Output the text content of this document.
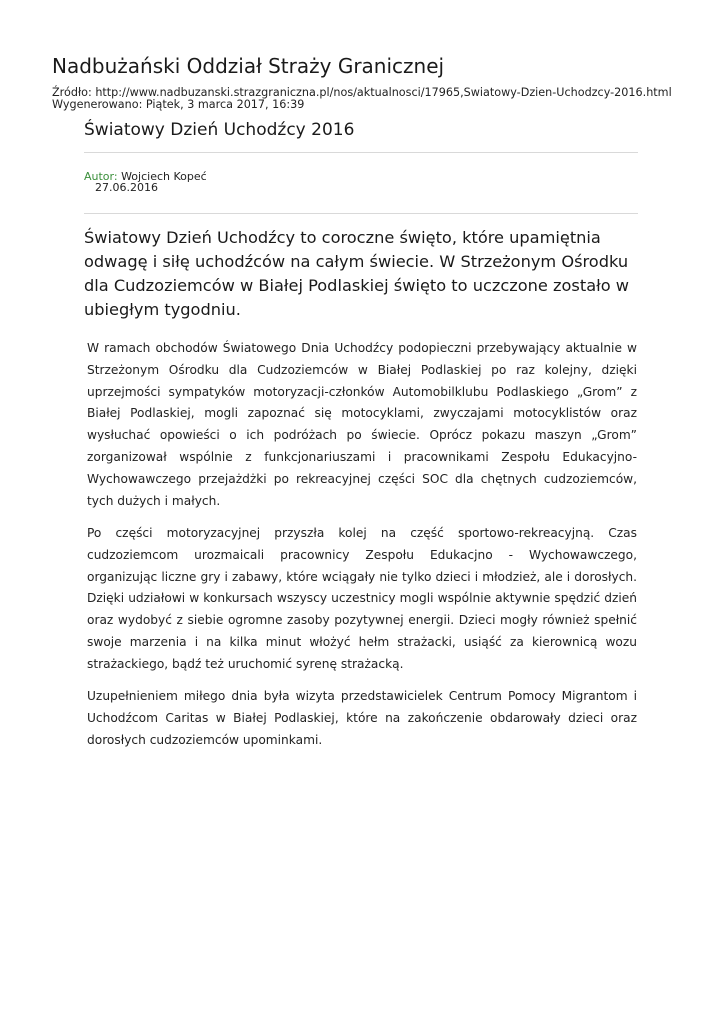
Nadbużański Oddział Straży Granicznej
Źródło: http://www.nadbuzanski.strazgraniczna.pl/nos/aktualnosci/17965,Swiatowy-Dzien-Uchodzcy-2016.html
Wygenerowano: Piątek, 3 marca 2017, 16:39
Światowy Dzień Uchodźcy 2016
Autor: Wojciech Kopeć
27.06.2016
Światowy Dzień Uchodźcy to coroczne święto, które upamiętnia odwagę i siłę uchodźców na całym świecie. W Strzeżonym Ośrodku dla Cudzoziemców w Białej Podlaskiej święto to uczczone zostało w ubiegłym tygodniu.
W ramach obchodów Światowego Dnia Uchodźcy podopieczni przebywający aktualnie w Strzeżonym Ośrodku dla Cudzoziemców w Białej Podlaskiej po raz kolejny, dzięki uprzejmości sympatyków motoryzacji-członków Automobilklubu Podlaskiego „Grom” z Białej Podlaskiej, mogli zapoznać się motocyklami, zwyczajami motocyklistów oraz wysłuchać opowieści o ich podróżach po świecie. Oprócz pokazu maszyn „Grom” zorganizował wspólnie z funkcjonariuszami i pracownikami Zespołu Edukacyjno-Wychowawczego przejażdżki po rekreacyjnej części SOC dla chętnych cudzoziemców, tych dużych i małych.
Po części motoryzacyjnej przyszła kolej na część sportowo-rekreacyjną. Czas cudzoziemcom urozmaicali pracownicy Zespołu Edukacjno - Wychowawczego, organizując liczne gry i zabawy, które wciągały nie tylko dzieci i młodzież, ale i dorosłych. Dzięki udziałowi w konkursach wszyscy uczestnicy mogli wspólnie aktywnie spędzić dzień oraz wydobyć z siebie ogromne zasoby pozytywnej energii. Dzieci mogły również spełnić swoje marzenia i na kilka minut włożyć hełm strażacki, usiąść za kierownicą wozu strażackiego, bądź też uruchomić syrenę strażacką.
Uzupełnieniem miłego dnia była wizyta przedstawicielek Centrum Pomocy Migrantom i Uchodźcom Caritas w Białej Podlaskiej, które na zakończenie obdarowały dzieci oraz dorosłych cudzoziemców upominkami.
